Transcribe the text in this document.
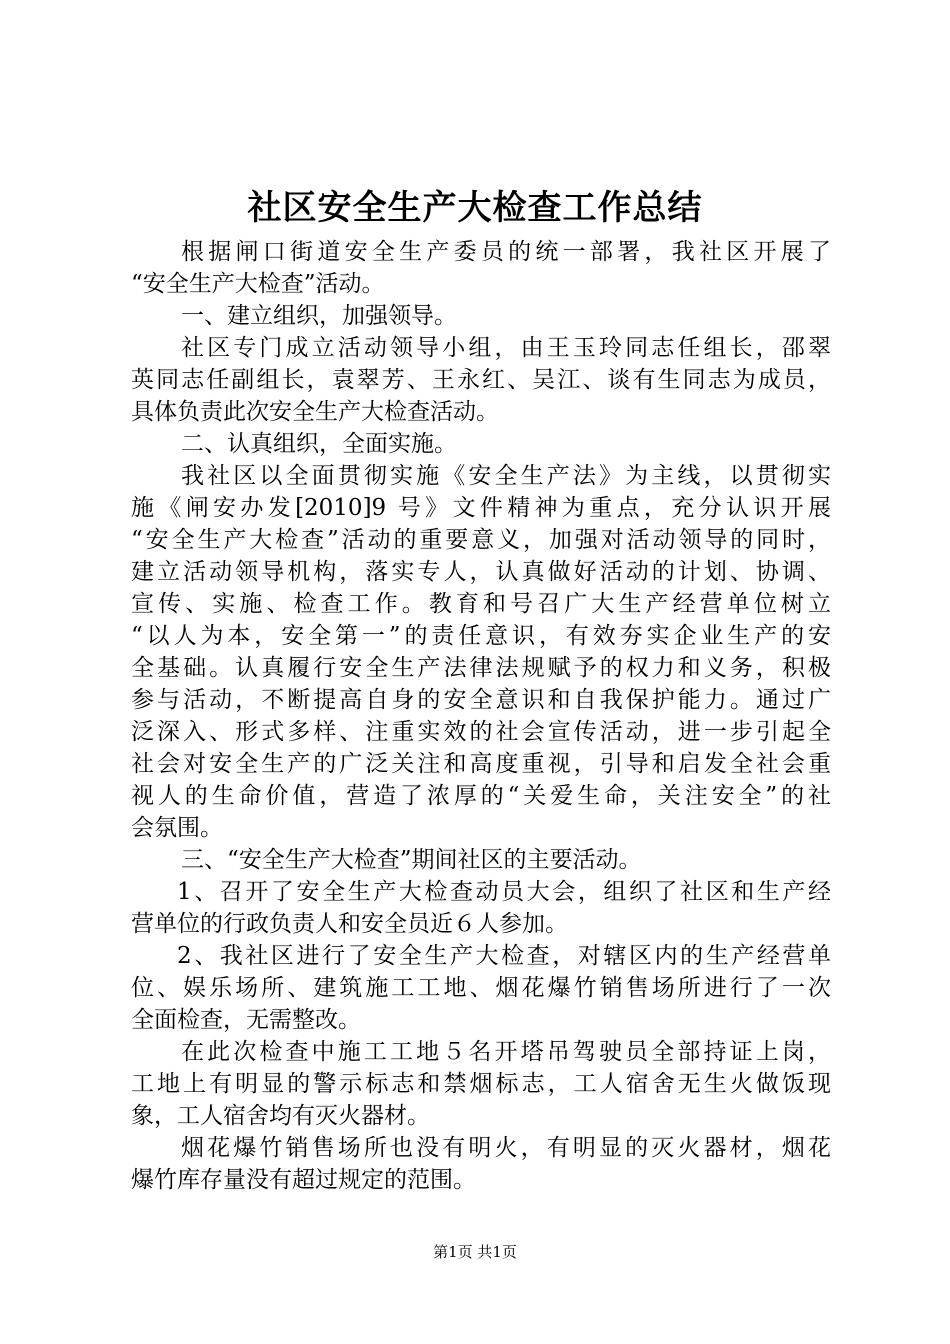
社区安全生产大检查工作总结
根据闸口街道安全生产委员的统一部署，我社区开展了
“安全生产大检查”活动。
一、建立组织，加强领导。
社区专门成立活动领导小组，由王玉玲同志任组长，邵翠
英同志任副组长，袁翠芳、王永红、吴江、谈有生同志为成员，
具体负责此次安全生产大检查活动。
二、认真组织，全面实施。
我社区以全面贯彻实施《安全生产法》为主线，以贯彻实
施《闸安办发[2010]9 号》文件精神为重点，充分认识开展
“安全生产大检查”活动的重要意义，加强对活动领导的同时，
建立活动领导机构，落实专人，认真做好活动的计划、协调、
宣传、实施、检查工作。教育和号召广大生产经营单位树立
“以人为本，安全第一”的责任意识，有效夯实企业生产的安
全基础。认真履行安全生产法律法规赋予的权力和义务，积极
参与活动，不断提高自身的安全意识和自我保护能力。通过广
泛深入、形式多样、注重实效的社会宣传活动，进一步引起全
社会对安全生产的广泛关注和高度重视，引导和启发全社会重
视人的生命价值，营造了浓厚的“关爱生命，关注安全”的社
会氛围。
三、“安全生产大检查”期间社区的主要活动。
1、召开了安全生产大检查动员大会，组织了社区和生产经
营单位的行政负责人和安全员近６人参加。
2、我社区进行了安全生产大检查，对辖区内的生产经营单
位、娱乐场所、建筑施工工地、烟花爆竹销售场所进行了一次
全面检查，无需整改。
在此次检查中施工工地５名开塔吊驾驶员全部持证上岗，
工地上有明显的警示标志和禁烟标志，工人宿舍无生火做饭现
象，工人宿舍均有灭火器材。
烟花爆竹销售场所也没有明火，有明显的灭火器材，烟花
爆竹库存量没有超过规定的范围。
第1页 共1页
